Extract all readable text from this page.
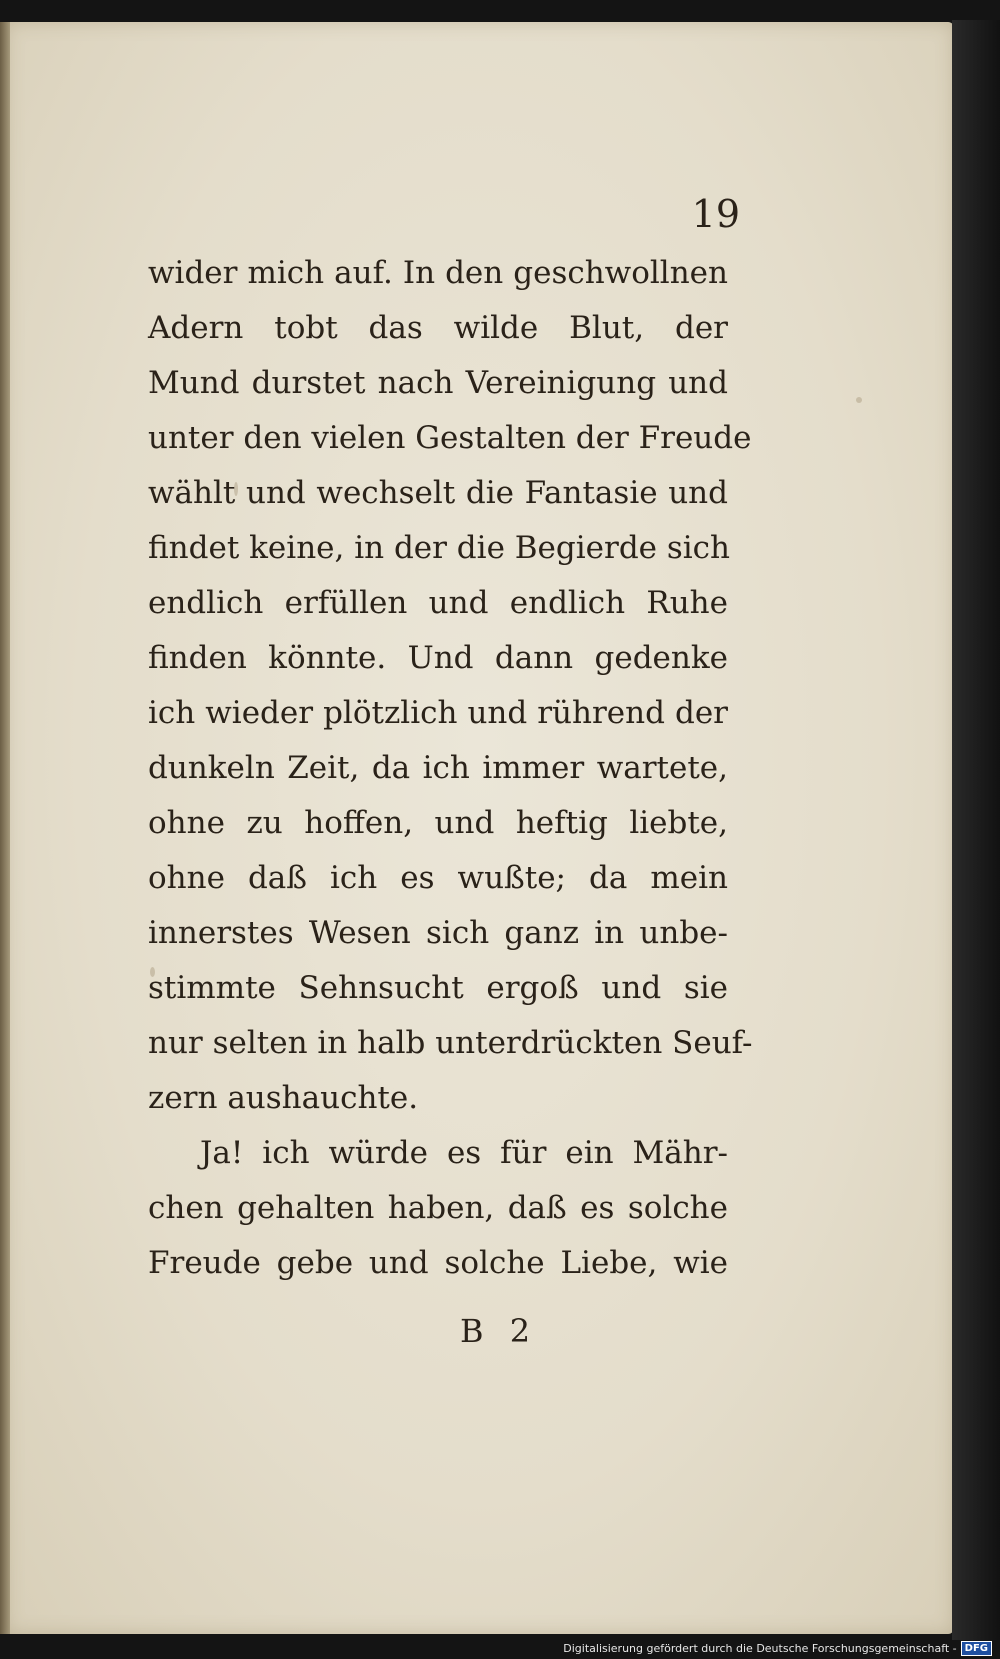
19
wider mich auf. In den geschwollnen
Adern tobt das wilde Blut, der
Mund durstet nach Vereinigung und
unter den vielen Gestalten der Freude
wählt und wechselt die Fantasie und
findet keine, in der die Begierde sich
endlich erfüllen und endlich Ruhe
finden könnte. Und dann gedenke
ich wieder plötzlich und rührend der
dunkeln Zeit, da ich immer wartete,
ohne zu hoffen, und heftig liebte,
ohne daß ich es wußte; da mein
innerstes Wesen sich ganz in unbe-
stimmte Sehnsucht ergoß und sie
nur selten in halb unterdrückten Seuf-
zern aushauchte.
Ja! ich würde es für ein Mähr-
chen gehalten haben, daß es solche
Freude gebe und solche Liebe, wie
B 2
Digitalisierung gefördert durch die Deutsche Forschungsgemeinschaft - DFG
